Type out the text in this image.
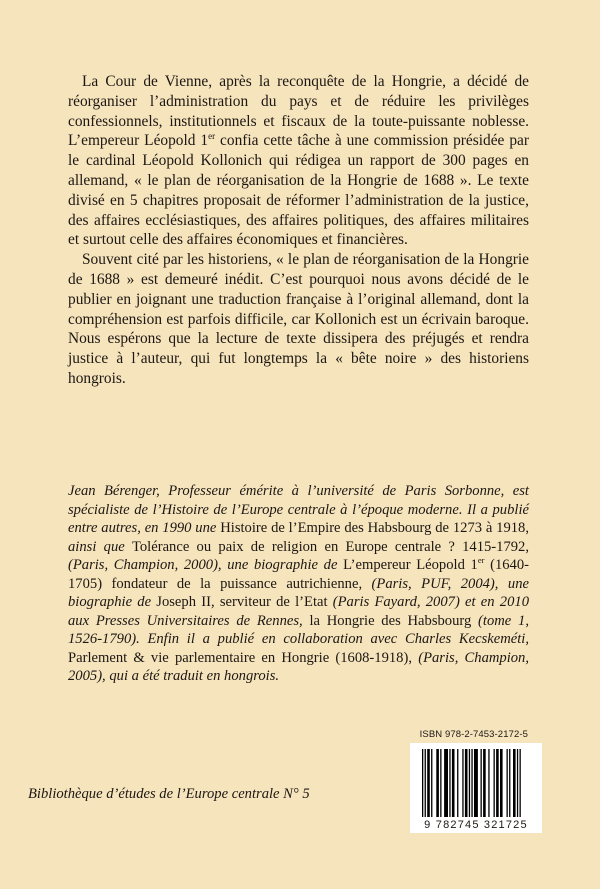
La Cour de Vienne, après la reconquête de la Hongrie, a décidé de réorganiser l’administration du pays et de réduire les privilèges confessionnels, institutionnels et fiscaux de la toute-puissante noblesse. L’empereur Léopold 1er confia cette tâche à une commission présidée par le cardinal Léopold Kollonich qui rédigea un rapport de 300 pages en allemand, « le plan de réorganisation de la Hongrie de 1688 ». Le texte divisé en 5 chapitres proposait de réformer l’administration de la justice, des affaires ecclésiastiques, des affaires politiques, des affaires militaires et surtout celle des affaires économiques et financières.

Souvent cité par les historiens, « le plan de réorganisation de la Hongrie de 1688 » est demeuré inédit. C’est pourquoi nous avons décidé de le publier en joignant une traduction française à l’original allemand, dont la compréhension est parfois difficile, car Kollonich est un écrivain baroque. Nous espérons que la lecture de texte dissipera des préjugés et rendra justice à l’auteur, qui fut longtemps la « bête noire » des historiens hongrois.

Jean Bérenger, Professeur émérite à l’université de Paris Sorbonne, est spécialiste de l’Histoire de l’Europe centrale à l’époque moderne. Il a publié entre autres, en 1990 une Histoire de l’Empire des Habsbourg de 1273 à 1918, ainsi que Tolérance ou paix de religion en Europe centrale ? 1415-1792, (Paris, Champion, 2000), une biographie de L’empereur Léopold 1er (1640-1705) fondateur de la puissance autrichienne, (Paris, PUF, 2004), une biographie de Joseph II, serviteur de l’Etat (Paris Fayard, 2007) et en 2010 aux Presses Universitaires de Rennes, la Hongrie des Habsbourg (tome 1, 1526-1790). Enfin il a publié en collaboration avec Charles Kecskeméti, Parlement & vie parlementaire en Hongrie (1608-1918), (Paris, Champion, 2005), qui a été traduit en hongrois.
Bibliothèque d’études de l’Europe centrale N° 5
ISBN 978-2-7453-2172-5
9 782745 321725
